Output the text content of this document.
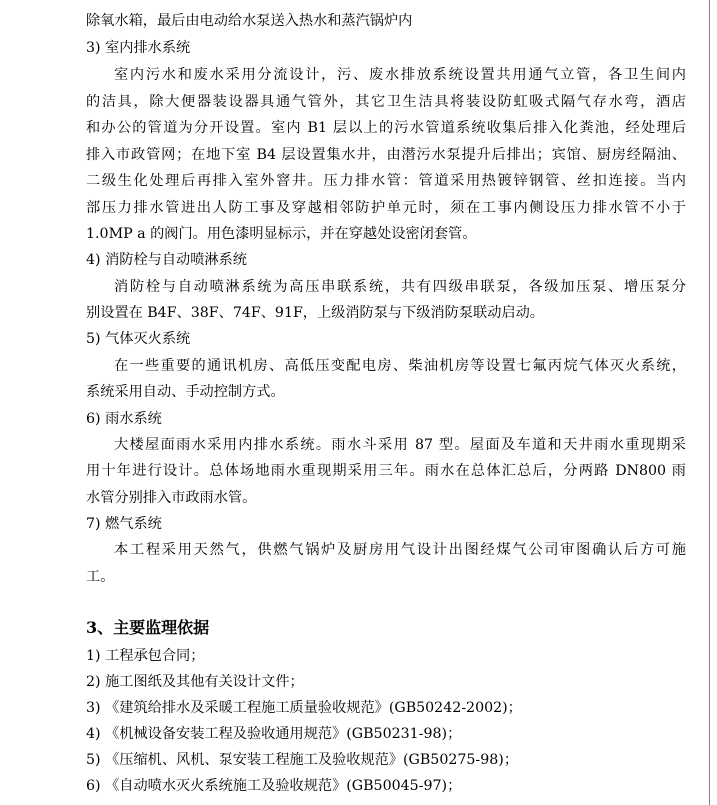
除氧水箱，最后由电动给水泵送入热水和蒸汽锅炉内
3) 室内排水系统
室内污水和废水采用分流设计，污、废水排放系统设置共用通气立管，各卫生间内
的洁具，除大便器装设器具通气管外，其它卫生洁具将装设防虹吸式隔气存水弯，酒店
和办公的管道为分开设置。室内 B1 层以上的污水管道系统收集后排入化粪池，经处理后
排入市政管网；在地下室 B4 层设置集水井，由潜污水泵提升后排出；宾馆、厨房经隔油、
二级生化处理后再排入室外窨井。压力排水管：管道采用热镀锌钢管、丝扣连接。当内
部压力排水管进出人防工事及穿越相邻防护单元时，须在工事内侧设压力排水管不小于
1.0MP a 的阀门。用色漆明显标示，并在穿越处设密闭套管。
4) 消防栓与自动喷淋系统
消防栓与自动喷淋系统为高压串联系统，共有四级串联泵，各级加压泵、增压泵分
别设置在 B4F、38F、74F、91F，上级消防泵与下级消防泵联动启动。
5) 气体灭火系统
在一些重要的通讯机房、高低压变配电房、柴油机房等设置七氟丙烷气体灭火系统，
系统采用自动、手动控制方式。
6) 雨水系统
大楼屋面雨水采用内排水系统。雨水斗采用 87 型。屋面及车道和天井雨水重现期采
用十年进行设计。总体场地雨水重现期采用三年。雨水在总体汇总后，分两路 DN800 雨
水管分别排入市政雨水管。
7) 燃气系统
本工程采用天然气，供燃气锅炉及厨房用气设计出图经煤气公司审图确认后方可施
工。
3、主要监理依据
1) 工程承包合同；
2) 施工图纸及其他有关设计文件；
3) 《建筑给排水及采暖工程施工质量验收规范》(GB50242-2002)；
4) 《机械设备安装工程及验收通用规范》(GB50231-98)；
5) 《压缩机、风机、泵安装工程施工及验收规范》(GB50275-98)；
6) 《自动喷水灭火系统施工及验收规范》(GB50045-97)；
